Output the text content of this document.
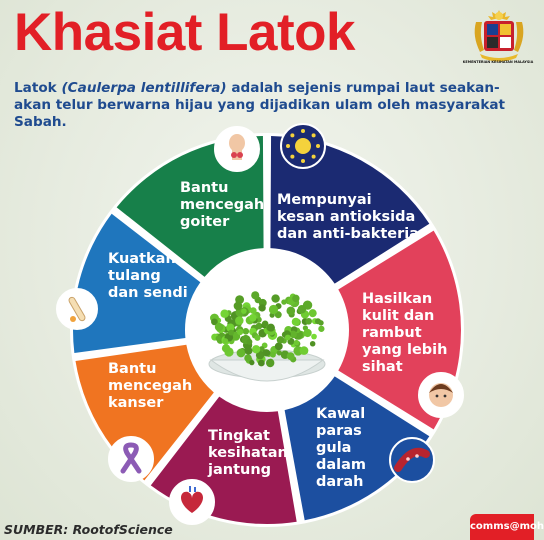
Khasiat Latok
Latok (Caulerpa lentillifera) adalah sejenis rumpai laut seakan-akan telur berwarna hijau yang dijadikan ulam oleh masyarakat Sabah.
KEMENTERIAN KESIHATAN MALAYSIA
Bantu
mencegah
goiter
Mempunyai
kesan antioksida
dan anti-bakteria
Hasilkan
kulit dan
rambut
yang lebih
sihat
Kawal
paras
gula
dalam
darah
Tingkat
kesihatan
jantung
Bantu
mencegah
kanser
Kuatkan
tulang
dan sendi
SUMBER: RootofScience	comms@moh
